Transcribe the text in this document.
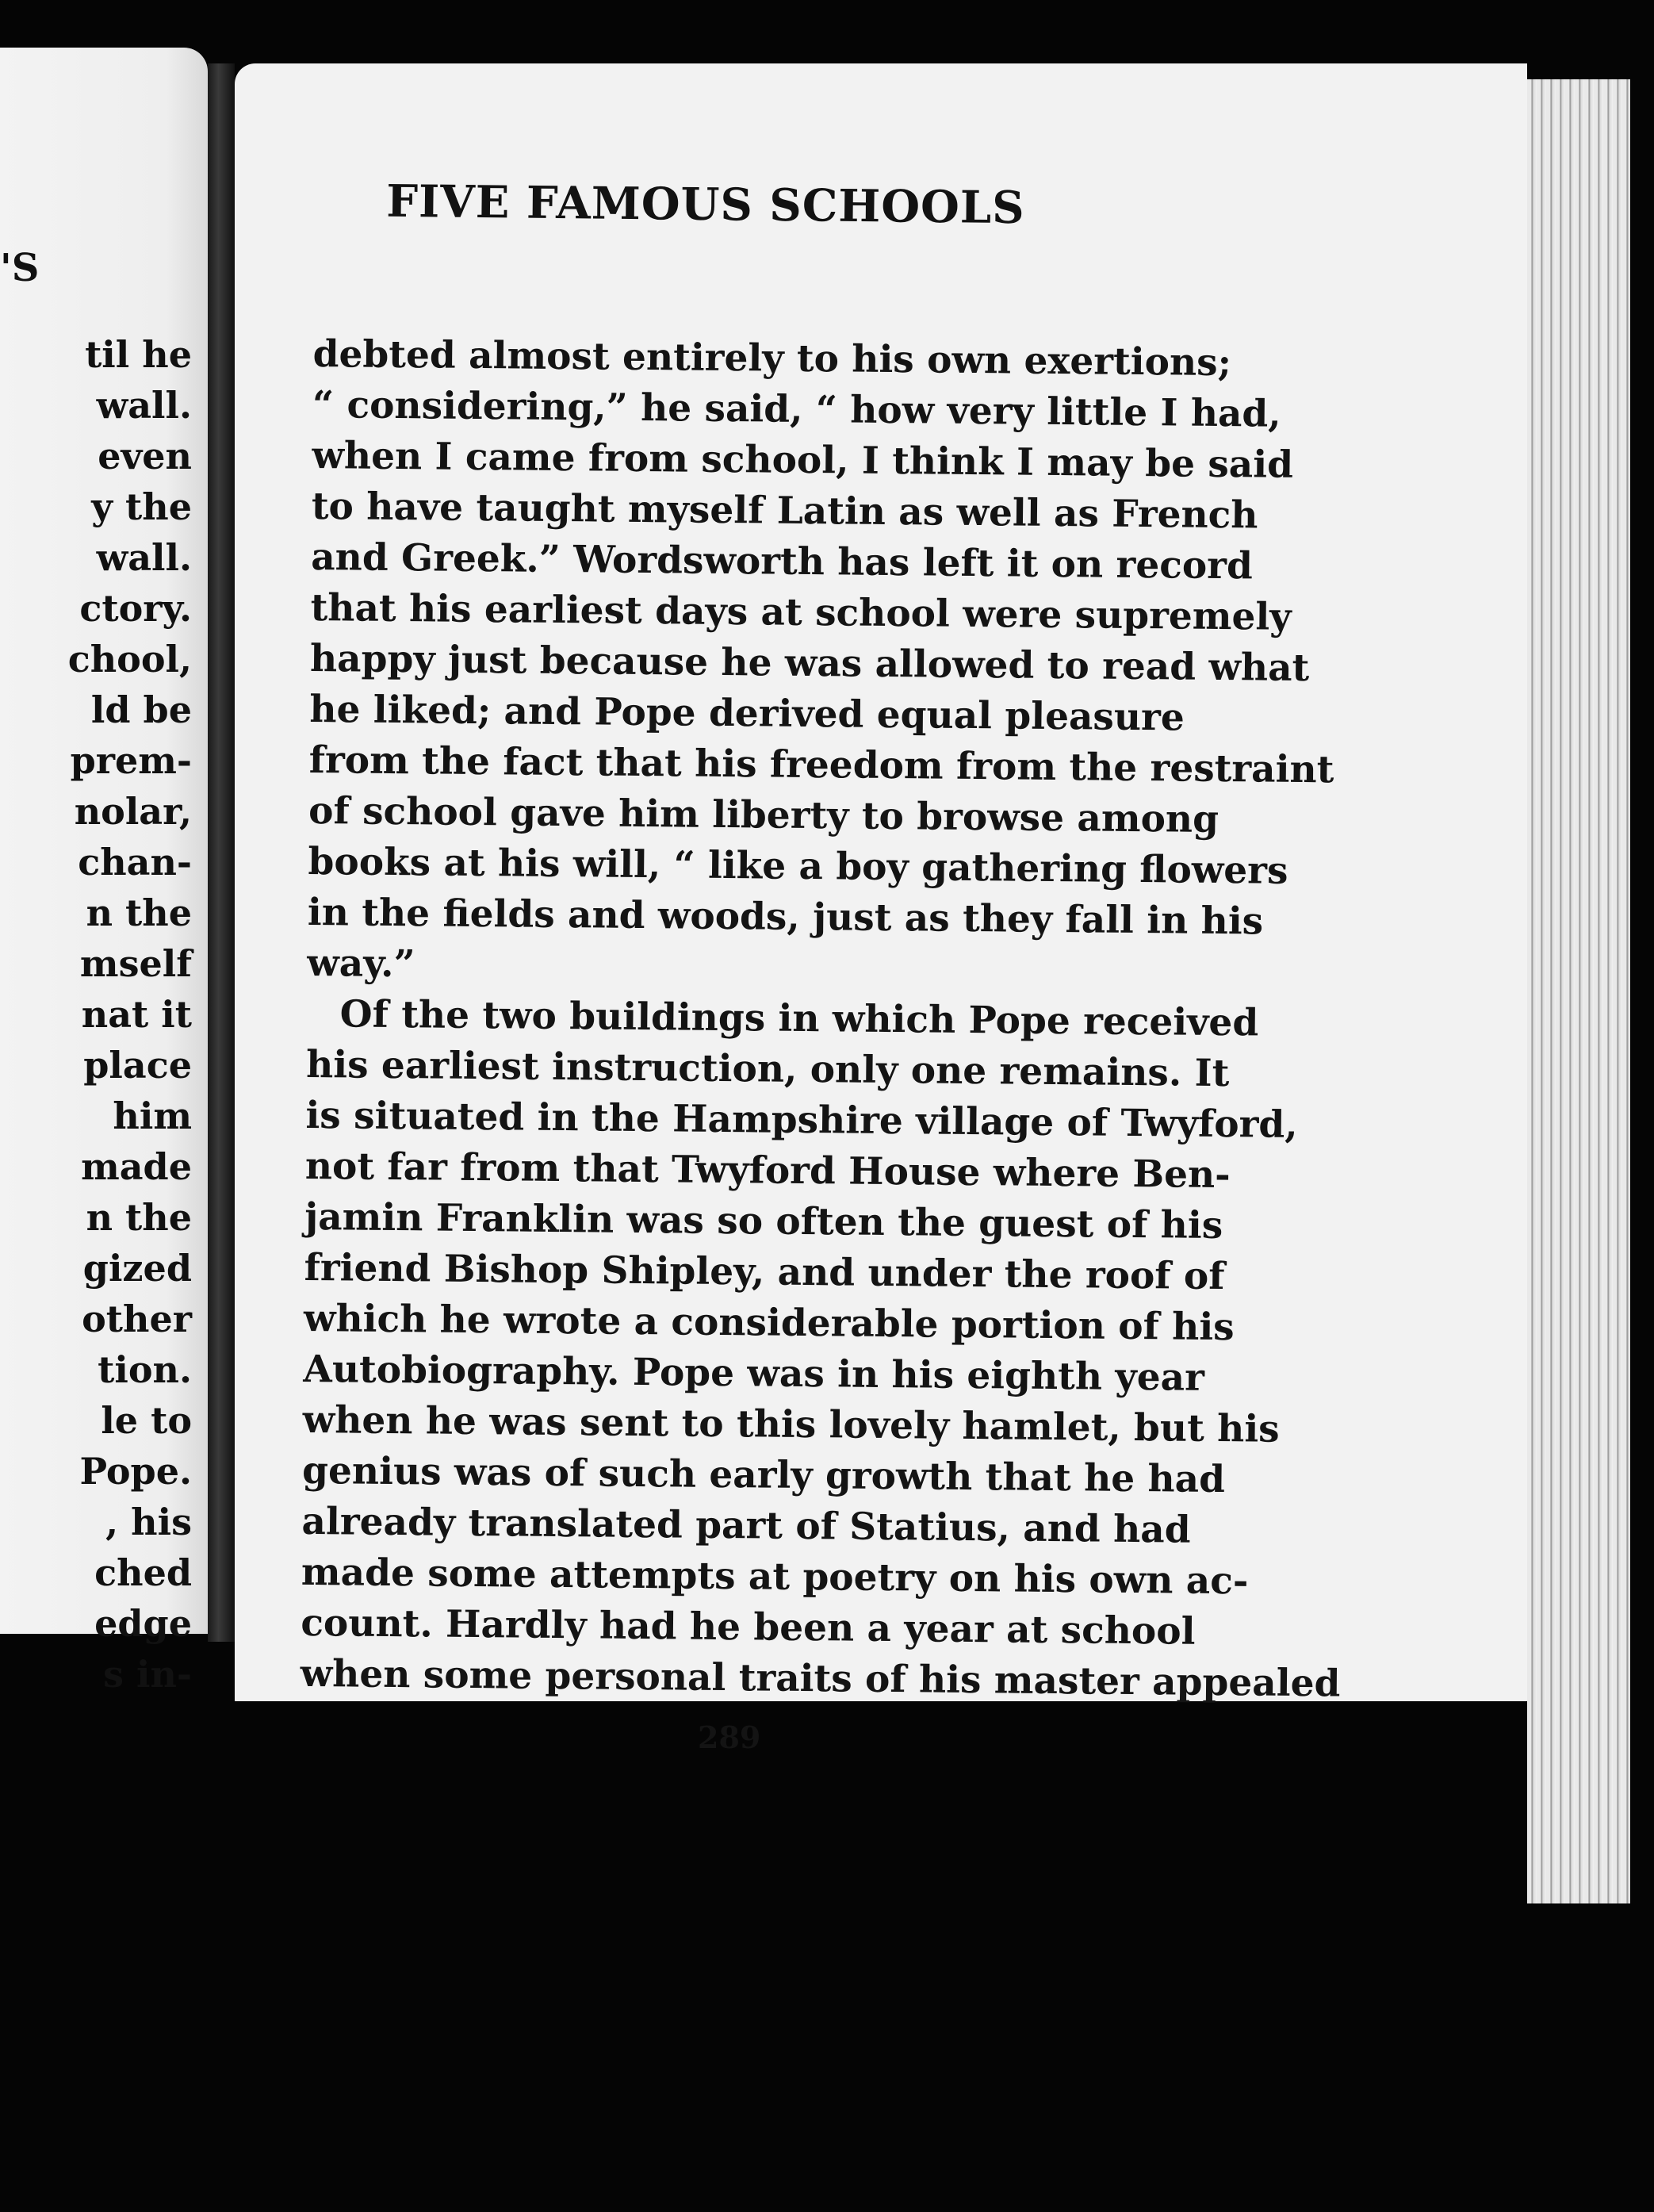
'S
til he
wall.
even
y the
wall.
ctory.
chool,
ld be
prem-
nolar,
chan-
n the
mself
nat it
place
him
made
n the
gized
other
tion.
le to
Pope.
, his
ched
edge
s in-
FIVE FAMOUS SCHOOLS
debted almost entirely to his own exertions;
“ considering,” he said, “ how very little I had,
when I came from school, I think I may be said
to have taught myself Latin as well as French
and Greek.” Wordsworth has left it on record
that his earliest days at school were supremely
happy just because he was allowed to read what
he liked; and Pope derived equal pleasure
from the fact that his freedom from the restraint
of school gave him liberty to browse among
books at his will, “ like a boy gathering flowers
in the fields and woods, just as they fall in his
way.”
Of the two buildings in which Pope received
his earliest instruction, only one remains. It
is situated in the Hampshire village of Twyford,
not far from that Twyford House where Ben-
jamin Franklin was so often the guest of his
friend Bishop Shipley, and under the roof of
which he wrote a considerable portion of his
Autobiography. Pope was in his eighth year
when he was sent to this lovely hamlet, but his
genius was of such early growth that he had
already translated part of Statius, and had
made some attempts at poetry on his own ac-
count. Hardly had he been a year at school
when some personal traits of his master appealed
289
